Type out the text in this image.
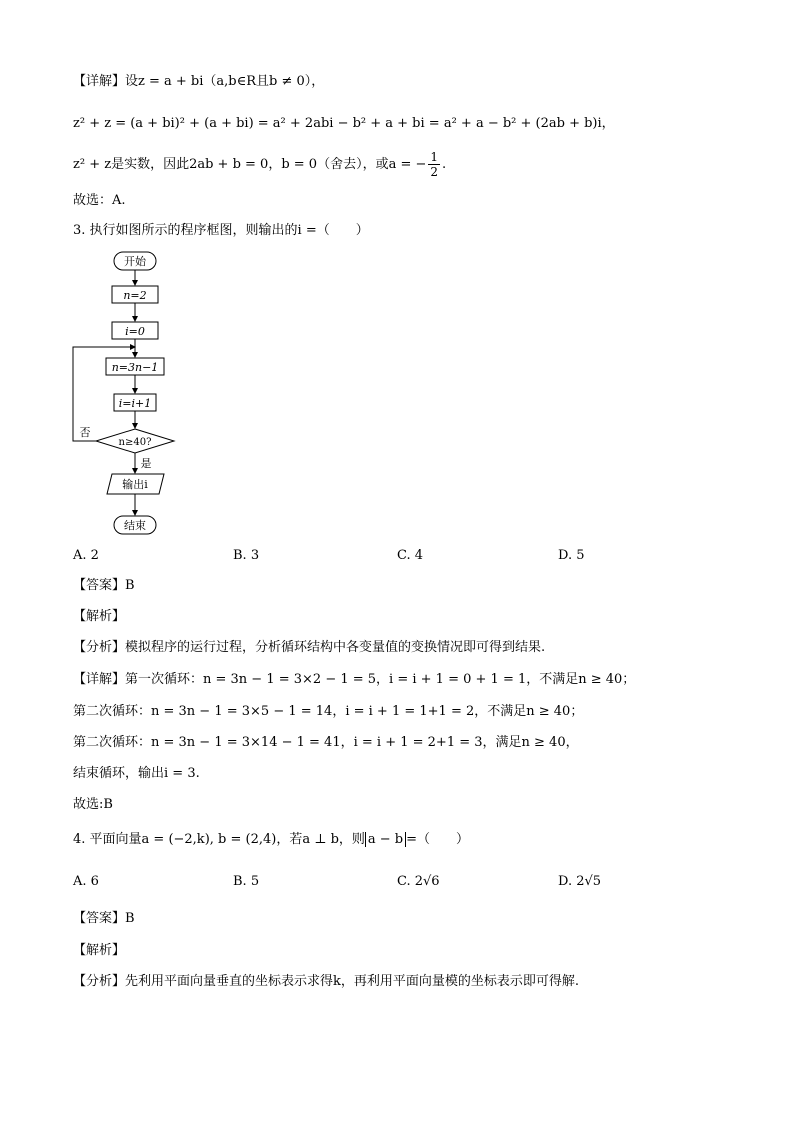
【详解】设z = a + bi（a,b∈R且b ≠ 0），
z² + z = (a + bi)² + (a + bi) = a² + 2abi − b² + a + bi = a² + a − b² + (2ab + b)i，
z² + z是实数，因此2ab + b = 0，b = 0（舍去），或a = − $\frac{1}{2}$ .
故选：A.
3. 执行如图所示的程序框图，则输出的i =（　　）
开始
n=2
i=0
n=3n−1
i=i+1
n≥40?
否
是
输出i
结束
A. 2	B. 3	C. 4	D. 5
【答案】B
【解析】
【分析】模拟程序的运行过程，分析循环结构中各变量值的变换情况即可得到结果.
【详解】第一次循环：n = 3n − 1 = 3×2 − 1 = 5，i = i + 1 = 0 + 1 = 1，不满足n ≥ 40；
第二次循环：n = 3n − 1 = 3×5 − 1 = 14，i = i + 1 = 1+1 = 2，不满足n ≥ 40；
第二次循环：n = 3n − 1 = 3×14 − 1 = 41，i = i + 1 = 2+1 = 3，满足n ≥ 40，
结束循环，输出i = 3.
故选:B
4. 平面向量a = (−2,k), b = (2,4)，若a ⊥ b，则 a − b =（　　）
A. 6	B. 5	C. 2√6	D. 2√5
【答案】B
【解析】
【分析】先利用平面向量垂直的坐标表示求得k，再利用平面向量模的坐标表示即可得解.
